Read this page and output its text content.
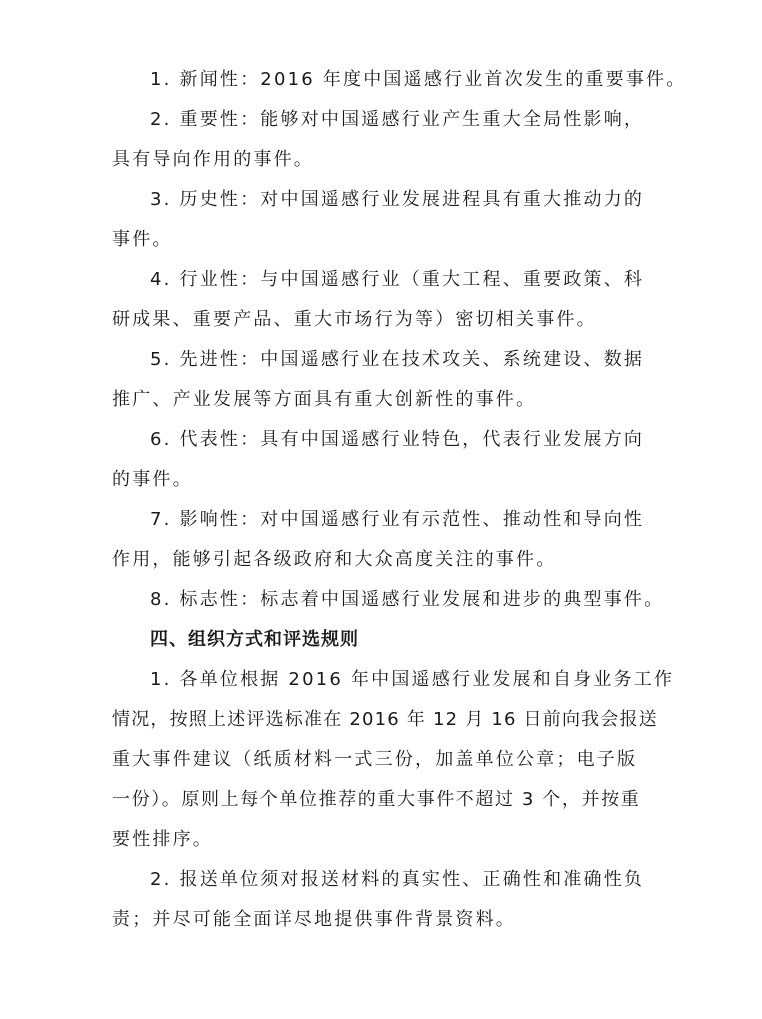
1. 新闻性：2016 年度中国遥感行业首次发生的重要事件。
2. 重要性：能够对中国遥感行业产生重大全局性影响，
具有导向作用的事件。
3. 历史性：对中国遥感行业发展进程具有重大推动力的
事件。
4. 行业性：与中国遥感行业（重大工程、重要政策、科
研成果、重要产品、重大市场行为等）密切相关事件。
5. 先进性：中国遥感行业在技术攻关、系统建设、数据
推广、产业发展等方面具有重大创新性的事件。
6. 代表性：具有中国遥感行业特色，代表行业发展方向
的事件。
7. 影响性：对中国遥感行业有示范性、推动性和导向性
作用，能够引起各级政府和大众高度关注的事件。
8. 标志性：标志着中国遥感行业发展和进步的典型事件。
四、组织方式和评选规则
1. 各单位根据 2016 年中国遥感行业发展和自身业务工作
情况，按照上述评选标准在 2016 年 12 月 16 日前向我会报送
重大事件建议（纸质材料一式三份，加盖单位公章；电子版
一份）。原则上每个单位推荐的重大事件不超过 3 个，并按重
要性排序。
2. 报送单位须对报送材料的真实性、正确性和准确性负
责；并尽可能全面详尽地提供事件背景资料。
